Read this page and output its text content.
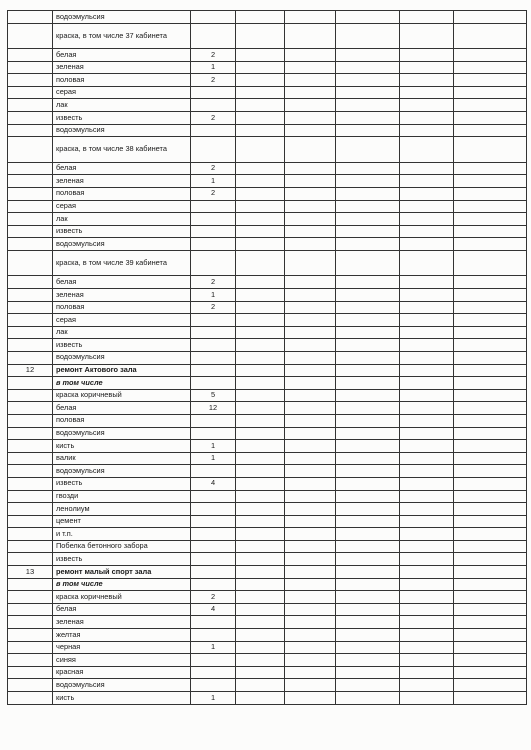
	водоэмульсия						
	краска, в том числе 37 кабинета						
	белая	2					
	зеленая	1					
	половая	2					
	серая						
	лак						
	известь	2					
	водоэмульсия						
	краска, в том числе 38 кабинета						
	белая	2					
	зеленая	1					
	половая	2					
	серая						
	лак						
	известь						
	водоэмульсия						
	краска, в том числе 39 кабинета						
	белая	2					
	зеленая	1					
	половая	2					
	серая						
	лак						
	известь						
	водоэмульсия						
12	ремонт Актового зала						
	в том числе						
	краска коричневый	5					
	белая	12					
	половая						
	водоэмульсия						
	кисть	1					
	валик	1					
	водоэмульсия						
	известь	4					
	гвозди						
	ленолиум						
	цемент						
	и т.п.						
	Побелка бетонного забора						
	известь						
13	ремонт малый спорт зала						
	в том числе						
	краска коричневый	2					
	белая	4					
	зеленая						
	желтая						
	черная	1					
	синяя						
	красная						
	водоэмульсия						
	кисть	1					
